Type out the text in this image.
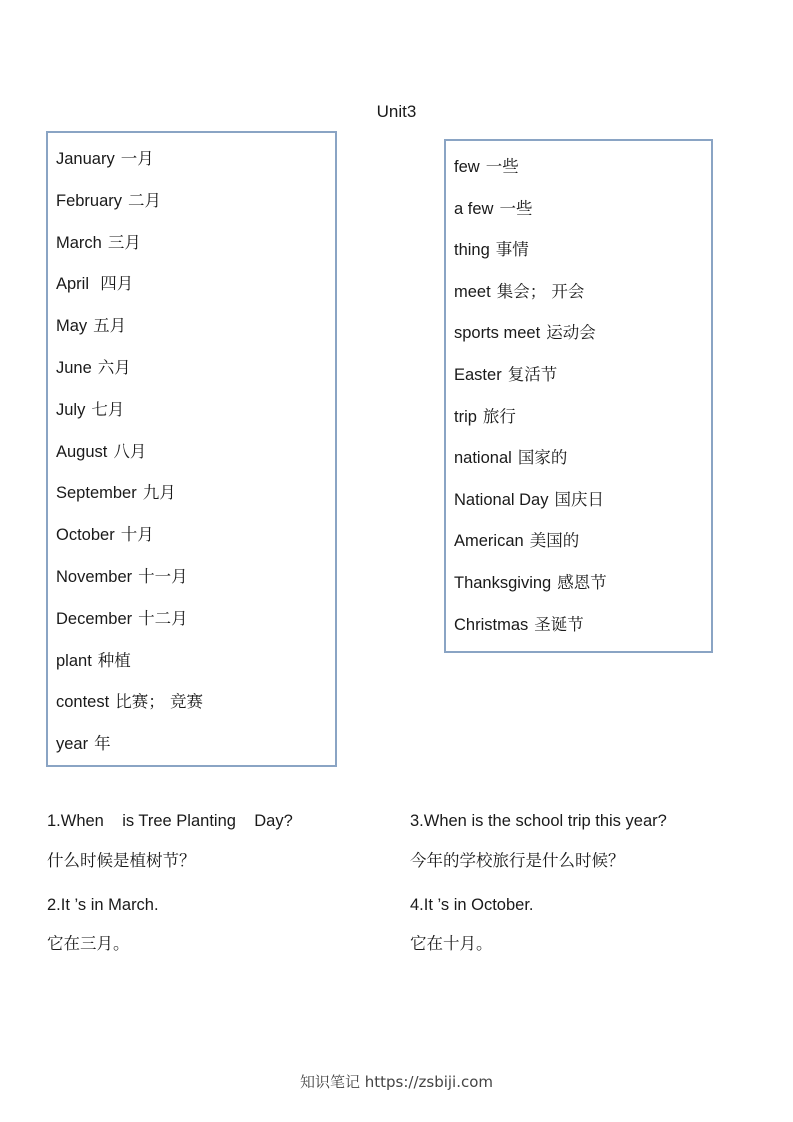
Unit3
January 一月
February 二月
March 三月
April 四月
May 五月
June 六月
July 七月
August 八月
September 九月
October 十月
November 十一月
December 十二月
plant 种植
contest 比赛； 竞赛
year 年
few 一些
a few 一些
thing 事情
meet 集会； 开会
sports meet 运动会
Easter 复活节
trip 旅行
national 国家的
National Day 国庆日
American 美国的
Thanksgiving 感恩节
Christmas 圣诞节
1.When    is Tree Planting    Day?
什么时候是植树节？
2.It ’s in March.
它在三月。
3.When is the school trip this year?
今年的学校旅行是什么时候？
4.It ’s in October.
它在十月。
知识笔记 https://zsbiji.com
